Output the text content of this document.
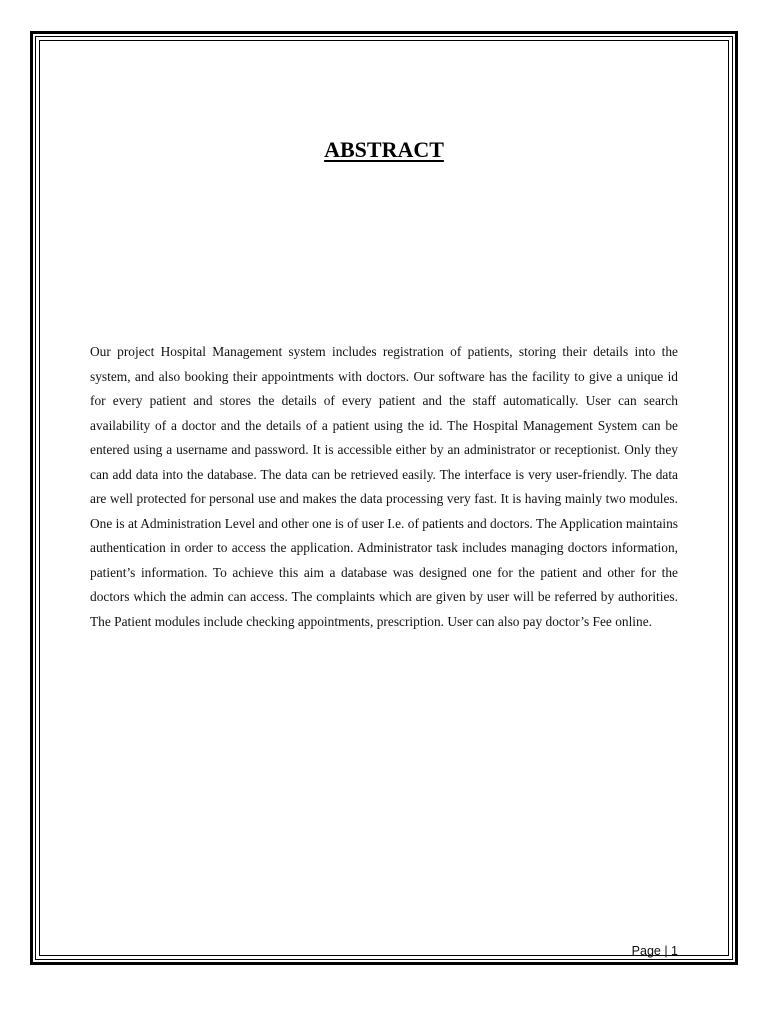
ABSTRACT

Our project Hospital Management system includes registration of patients, storing their details into the system, and also booking their appointments with doctors. Our software has the facility to give a unique id for every patient and stores the details of every patient and the staff automatically. User can search availability of a doctor and the details of a patient using the id. The Hospital Management System can be entered using a username and password. It is accessible either by an administrator or receptionist. Only they can add data into the database. The data can be retrieved easily. The interface is very user-friendly. The data are well protected for personal use and makes the data processing very fast. It is having mainly two modules. One is at Administration Level and other one is of user I.e. of patients and doctors. The Application maintains authentication in order to access the application. Administrator task includes managing doctors information, patient’s information. To achieve this aim a database was designed one for the patient and other for the doctors which the admin can access. The complaints which are given by user will be referred by authorities. The Patient modules include checking appointments, prescription. User can also pay doctor’s Fee online.

Page | 1
